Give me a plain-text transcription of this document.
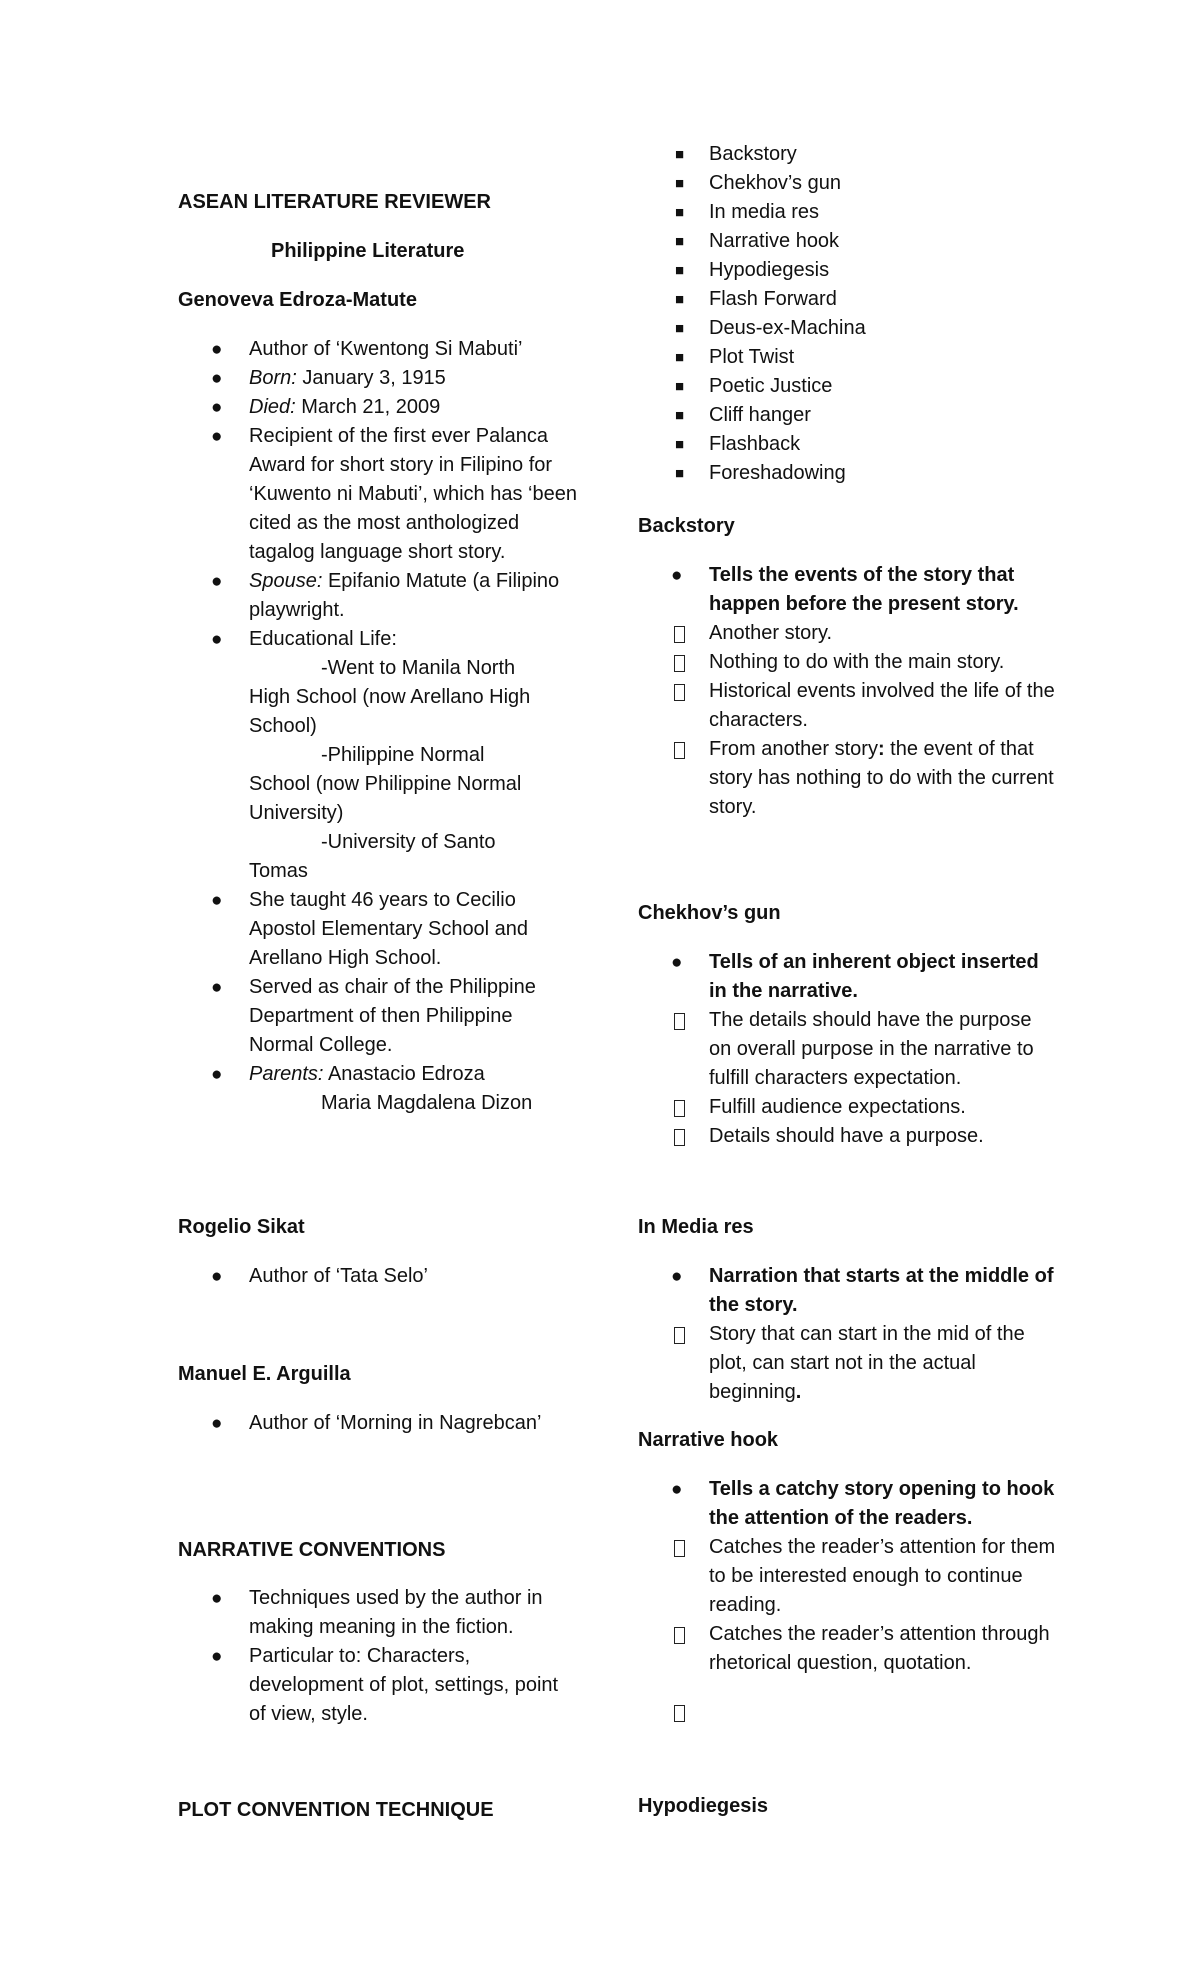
ASEAN LITERATURE REVIEWER

Philippine Literature

Genoveva Edroza-Matute

● Author of ‘Kwentong Si Mabuti’
● Born: January 3, 1915
● Died: March 21, 2009
● Recipient of the first ever Palanca Award for short story in Filipino for ‘Kuwento ni Mabuti’, which has ‘been cited as the most anthologized tagalog language short story.
● Spouse: Epifanio Matute (a Filipino playwright.
● Educational Life:
-Went to Manila North
High School (now Arellano High School)
-Philippine Normal
School (now Philippine Normal University)
-University of Santo
Tomas
● She taught 46 years to Cecilio Apostol Elementary School and Arellano High School.
● Served as chair of the Philippine Department of then Philippine Normal College.
● Parents: Anastacio Edroza
Maria Magdalena Dizon

Rogelio Sikat

● Author of ‘Tata Selo’

Manuel E. Arguilla

● Author of ‘Morning in Nagrebcan’

NARRATIVE CONVENTIONS

● Techniques used by the author in making meaning in the fiction.
● Particular to: Characters, development of plot, settings, point of view, style.

PLOT CONVENTION TECHNIQUE

■ Backstory
■ Chekhov’s gun
■ In media res
■ Narrative hook
■ Hypodiegesis
■ Flash Forward
■ Deus-ex-Machina
■ Plot Twist
■ Poetic Justice
■ Cliff hanger
■ Flashback
■ Foreshadowing

Backstory

● Tells the events of the story that happen before the present story.
Another story.
Nothing to do with the main story.
Historical events involved the life of the characters.
From another story: the event of that story has nothing to do with the current story.

Chekhov’s gun

● Tells of an inherent object inserted in the narrative.
The details should have the purpose on overall purpose in the narrative to fulfill characters expectation.
Fulfill audience expectations.
Details should have a purpose.

In Media res

● Narration that starts at the middle of the story.
Story that can start in the mid of the plot, can start not in the actual beginning.

Narrative hook

● Tells a catchy story opening to hook the attention of the readers.
Catches the reader’s attention for them to be interested enough to continue reading.
Catches the reader’s attention through rhetorical question, quotation.

Hypodiegesis
